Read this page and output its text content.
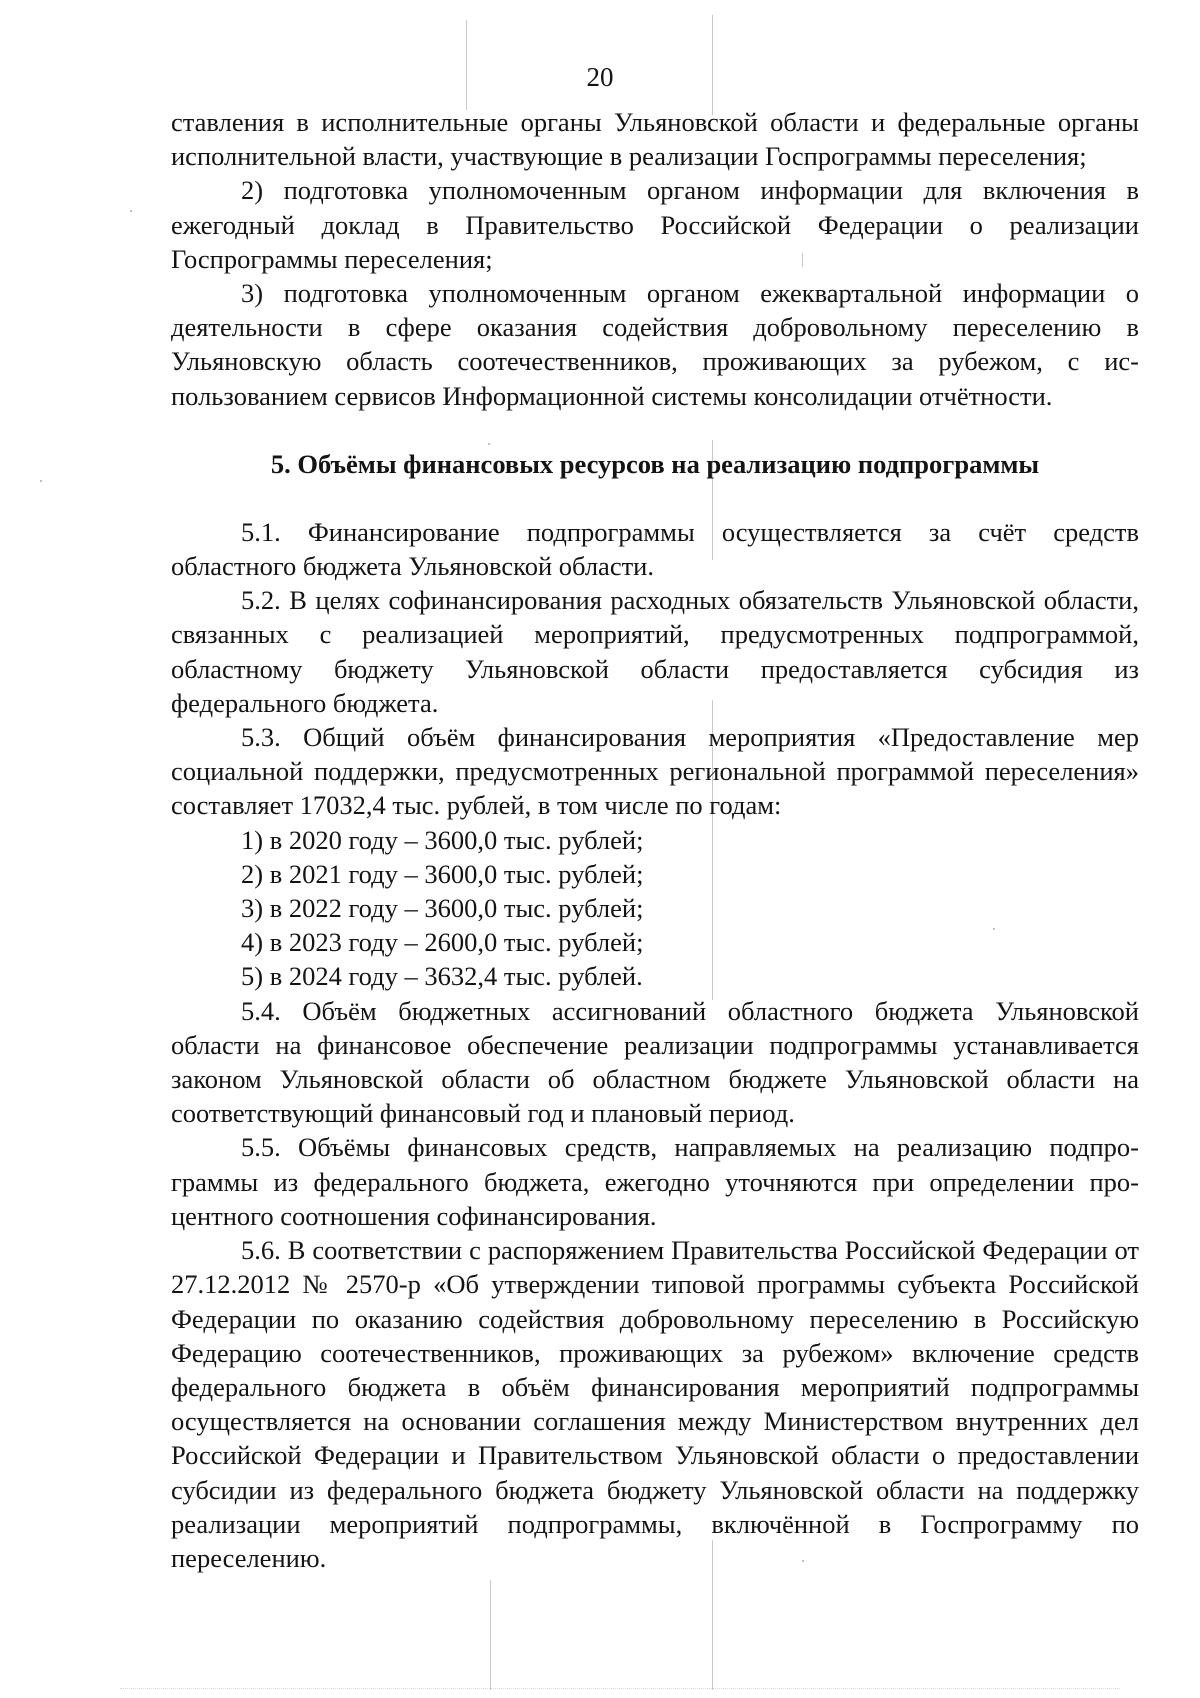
20

ставления в исполнительные органы Ульяновской области и федеральные органы исполнительной власти, участвующие в реализации Госпрограммы переселения;

2) подготовка уполномоченным органом информации для включения в ежегодный доклад в Правительство Российской Федерации о реализации Госпрограммы переселения;

3) подготовка уполномоченным органом ежеквартальной информации о деятельности в сфере оказания содействия добровольному переселению в Ульяновскую область соотечественников, проживающих за рубежом, с использованием сервисов Информационной системы консолидации отчётности.

5. Объёмы финансовых ресурсов на реализацию подпрограммы

5.1. Финансирование подпрограммы осуществляется за счёт средств областного бюджета Ульяновской области.

5.2. В целях софинансирования расходных обязательств Ульяновской области, связанных с реализацией мероприятий, предусмотренных подпрограммой, областному бюджету Ульяновской области предоставляется субсидия из федерального бюджета.

5.3. Общий объём финансирования мероприятия «Предоставление мер социальной поддержки, предусмотренных региональной программой переселения» составляет 17032,4 тыс. рублей, в том числе по годам:

1) в 2020 году – 3600,0 тыс. рублей;

2) в 2021 году – 3600,0 тыс. рублей;

3) в 2022 году – 3600,0 тыс. рублей;

4) в 2023 году – 2600,0 тыс. рублей;

5) в 2024 году – 3632,4 тыс. рублей.

5.4. Объём бюджетных ассигнований областного бюджета Ульяновской области на финансовое обеспечение реализации подпрограммы устанавливается законом Ульяновской области об областном бюджете Ульяновской области на соответствующий финансовый год и плановый период.

5.5. Объёмы финансовых средств, направляемых на реализацию подпрограммы из федерального бюджета, ежегодно уточняются при определении процентного соотношения софинансирования.

5.6. В соответствии с распоряжением Правительства Российской Федерации от 27.12.2012 № 2570-р «Об утверждении типовой программы субъекта Российской Федерации по оказанию содействия добровольному переселению в Российскую Федерацию соотечественников, проживающих за рубежом» включение средств федерального бюджета в объём финансирования мероприятий подпрограммы осуществляется на основании соглашения между Министерством внутренних дел Российской Федерации и Правительством Ульяновской области о предоставлении субсидии из федерального бюджета бюджету Ульяновской области на поддержку реализации мероприятий подпрограммы, включённой в Госпрограмму по переселению.
